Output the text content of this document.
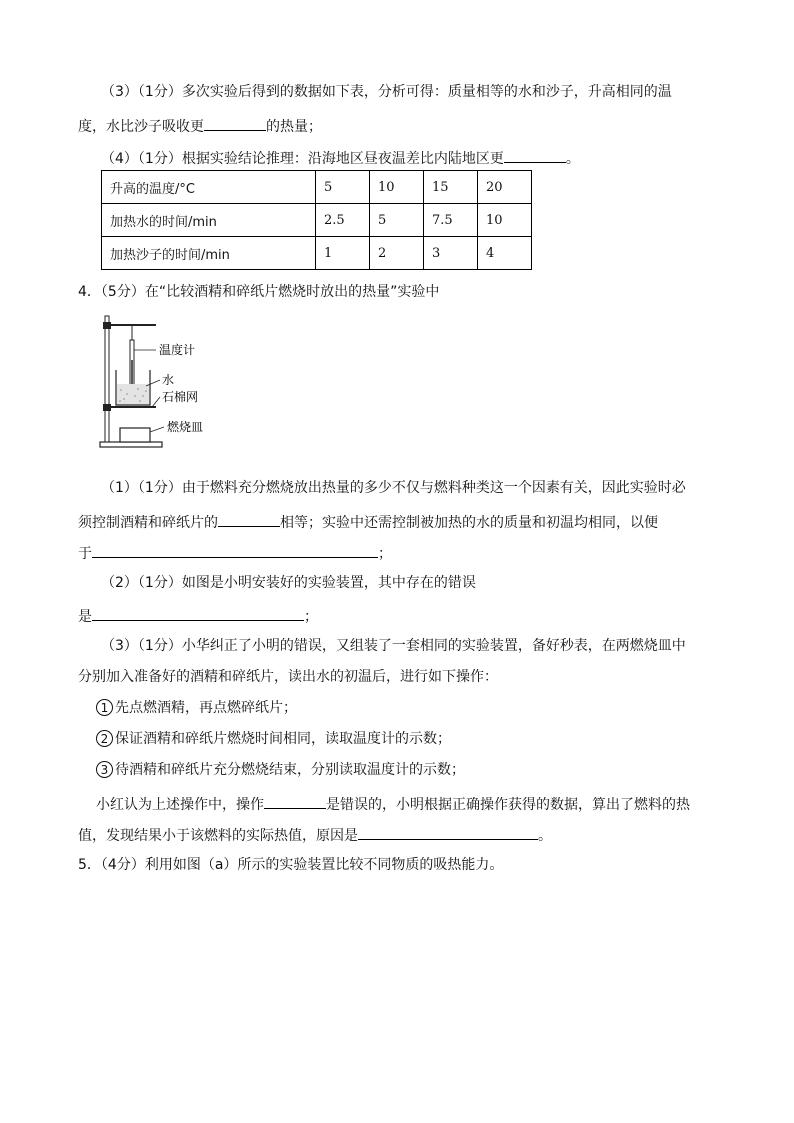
（3）（1分）多次实验后得到的数据如下表，分析可得：质量相等的水和沙子，升高相同的温
度，水比沙子吸收更	的热量；
（4）（1分）根据实验结论推理：沿海地区昼夜温差比内陆地区更	。
升高的温度/°C	5	10	15	20
加热水的时间/min	2.5	5	7.5	10
加热沙子的时间/min	1	2	3	4
4．（5分）在“比较酒精和碎纸片燃烧时放出的热量”实验中
温度计
水
石棉网
燃烧皿
（1）（1分）由于燃料充分燃烧放出热量的多少不仅与燃料种类这一个因素有关，因此实验时必
须控制酒精和碎纸片的	相等；实验中还需控制被加热的水的质量和初温均相同，以便
于	；
（2）（1分）如图是小明安装好的实验装置，其中存在的错误
是	；
（3）（1分）小华纠正了小明的错误，又组装了一套相同的实验装置，备好秒表，在两燃烧皿中
分别加入准备好的酒精和碎纸片，读出水的初温后，进行如下操作：
1 先点燃酒精，再点燃碎纸片；
2 保证酒精和碎纸片燃烧时间相同，读取温度计的示数；
3 待酒精和碎纸片充分燃烧结束，分别读取温度计的示数；
小红认为上述操作中，操作	是错误的，小明根据正确操作获得的数据，算出了燃料的热
值，发现结果小于该燃料的实际热值，原因是	。
5．（4分）利用如图（a）所示的实验装置比较不同物质的吸热能力。
